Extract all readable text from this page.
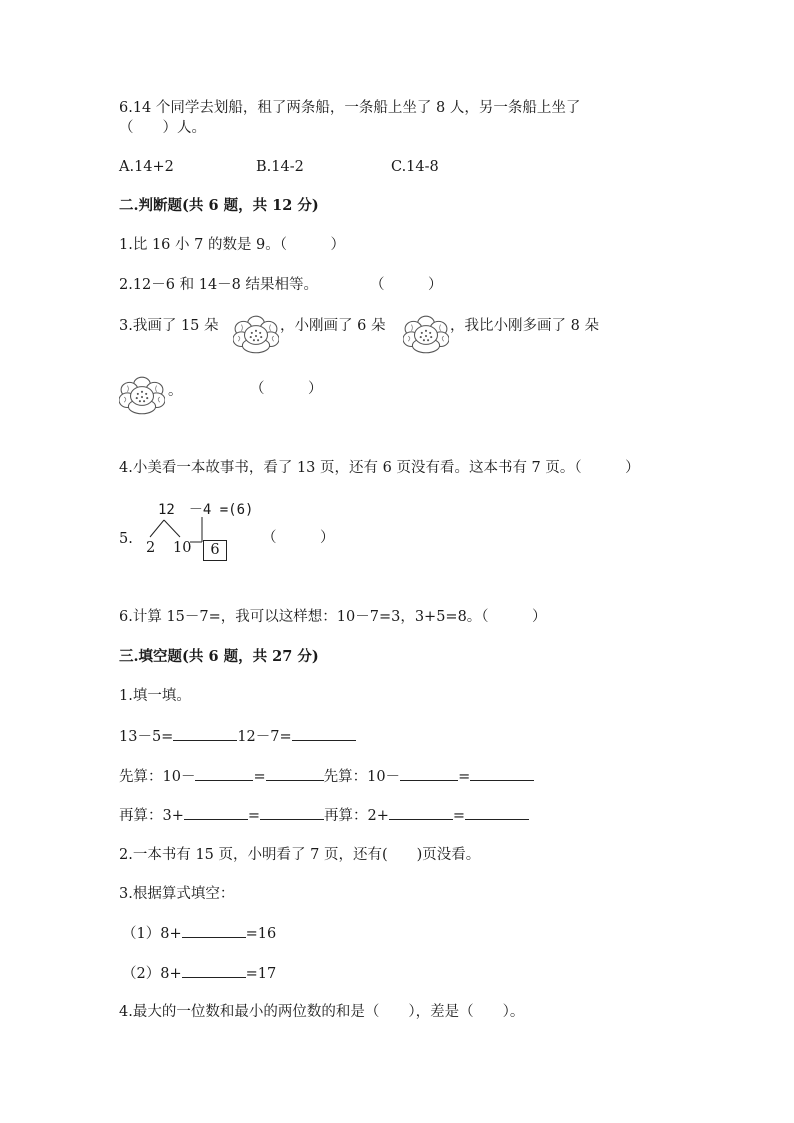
6.14 个同学去划船，租了两条船，一条船上坐了 8 人，另一条船上坐了
（　　）人。
A.14+2	B.14-2	C.14-8
二.判断题(共 6 题，共 12 分)
1.比 16 小 7 的数是 9。（　　　）
2.12－6 和 14－8 结果相等。	（　　　）
3.我画了 15 朵	，小刚画了 6 朵	，我比小刚多画了 8 朵
。	（　　　）
4.小美看一本故事书，看了 13 页，还有 6 页没有看。这本书有 7 页。（　　　）
5.
12　－4 =(6)
2 10	6
（　　　）
6.计算 15－7=，我可以这样想：10－7=3，3+5=8。（　　　）
三.填空题(共 6 题，共 27 分)
1.填一填。
13－5=	12－7=
先算：10－	=	先算：10－	=
再算：3+	=	再算：2+	=
2.一本书有 15 页，小明看了 7 页，还有(　　)页没看。
3.根据算式填空：
（1）8+	=16
（2）8+	=17
4.最大的一位数和最小的两位数的和是（　　），差是（　　）。
